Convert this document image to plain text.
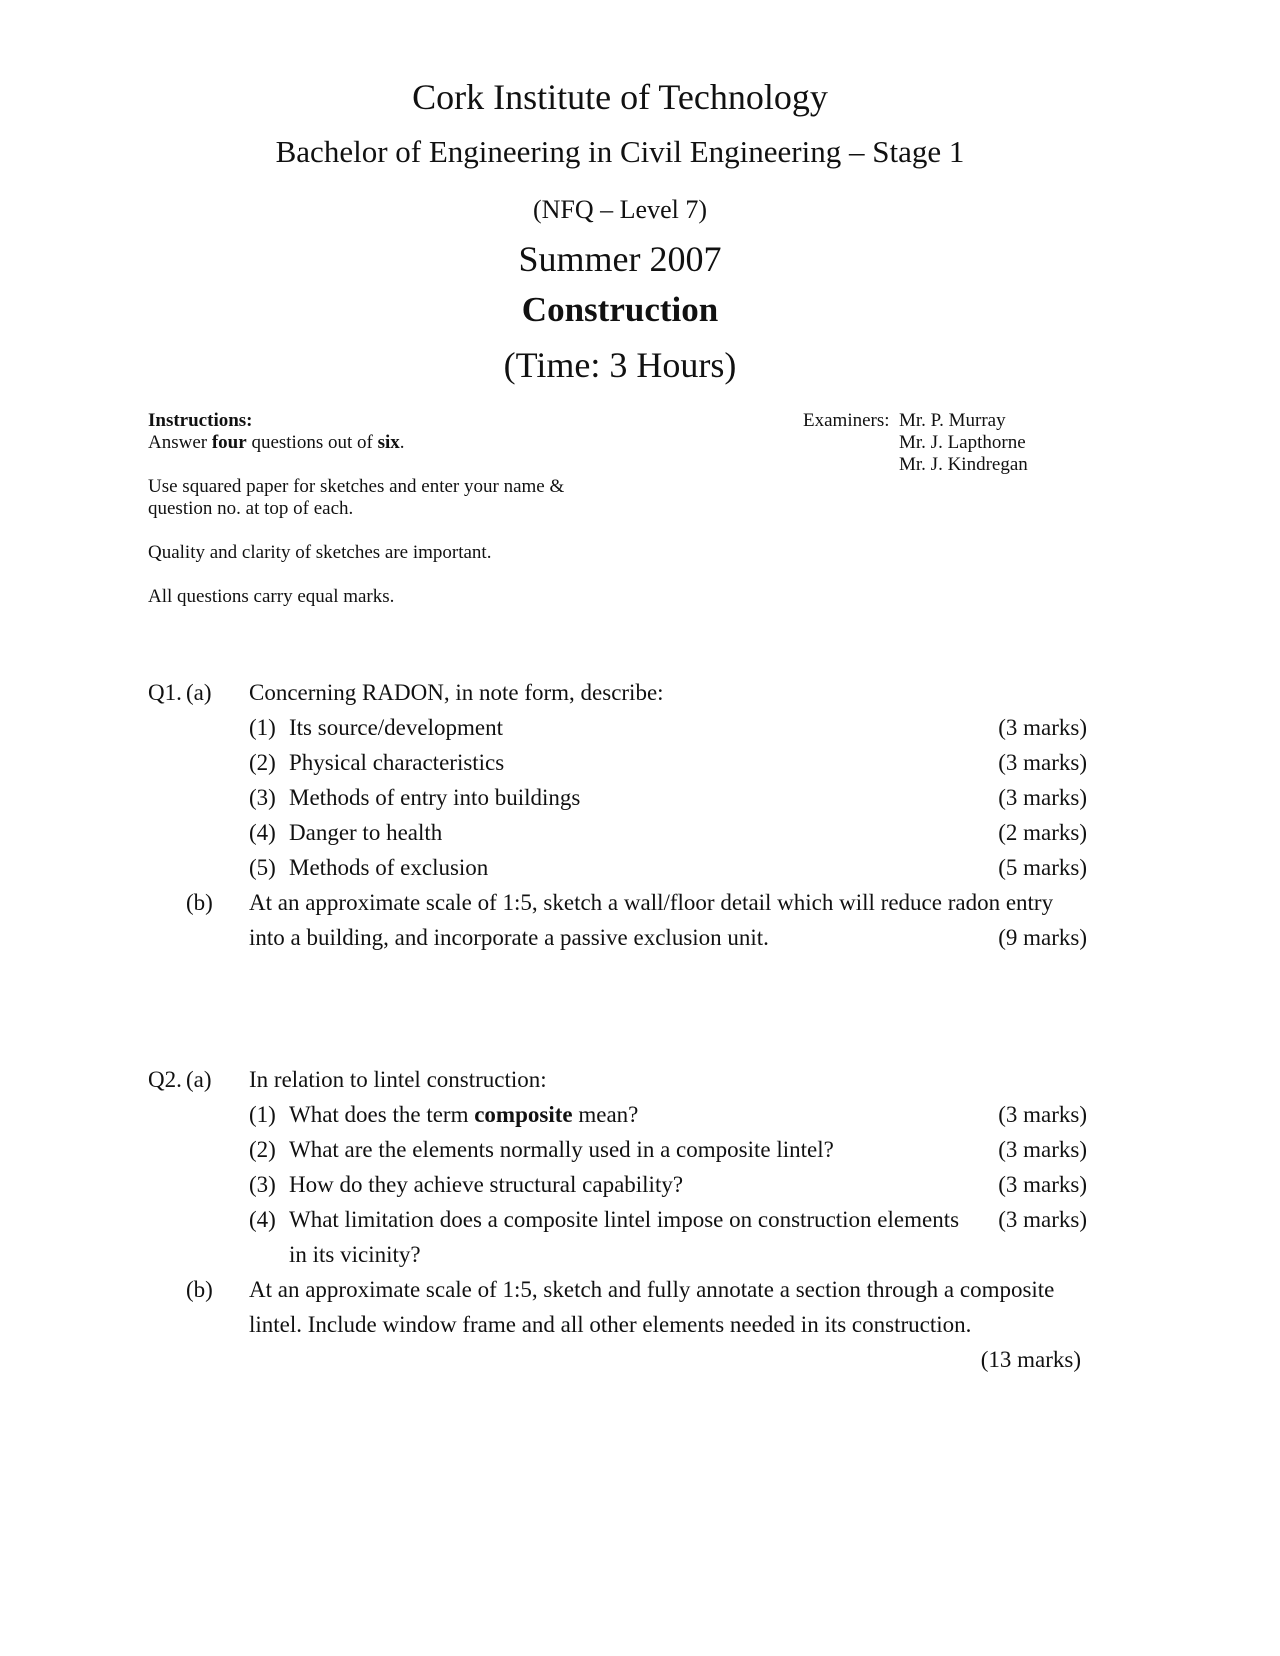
Cork Institute of Technology
Bachelor of Engineering in Civil Engineering – Stage 1
(NFQ – Level 7)
Summer 2007
Construction
(Time: 3 Hours)

Instructions:

Answer four questions out of six.

Use squared paper for sketches and enter your name &
question no. at top of each.

Quality and clarity of sketches are important.

All questions carry equal marks.

Examiners: Mr. P. Murray
Mr. J. Lapthorne
Mr. J. Kindregan
Q1. (a) Concerning RADON, in note form, describe:
(1) Its source/development	(3 marks)
(2) Physical characteristics	(3 marks)
(3) Methods of entry into buildings	(3 marks)
(4) Danger to health	(2 marks)
(5) Methods of exclusion	(5 marks)
(b) At an approximate scale of 1:5, sketch a wall/floor detail which will reduce radon entry
into a building, and incorporate a passive exclusion unit.	(9 marks)
Q2. (a) In relation to lintel construction:
(1) What does the term composite mean?	(3 marks)
(2) What are the elements normally used in a composite lintel?	(3 marks)
(3) How do they achieve structural capability?	(3 marks)
(4) What limitation does a composite lintel impose on construction elements (3 marks)
in its vicinity?
(b) At an approximate scale of 1:5, sketch and fully annotate a section through a composite
lintel. Include window frame and all other elements needed in its construction.
(13 marks)
